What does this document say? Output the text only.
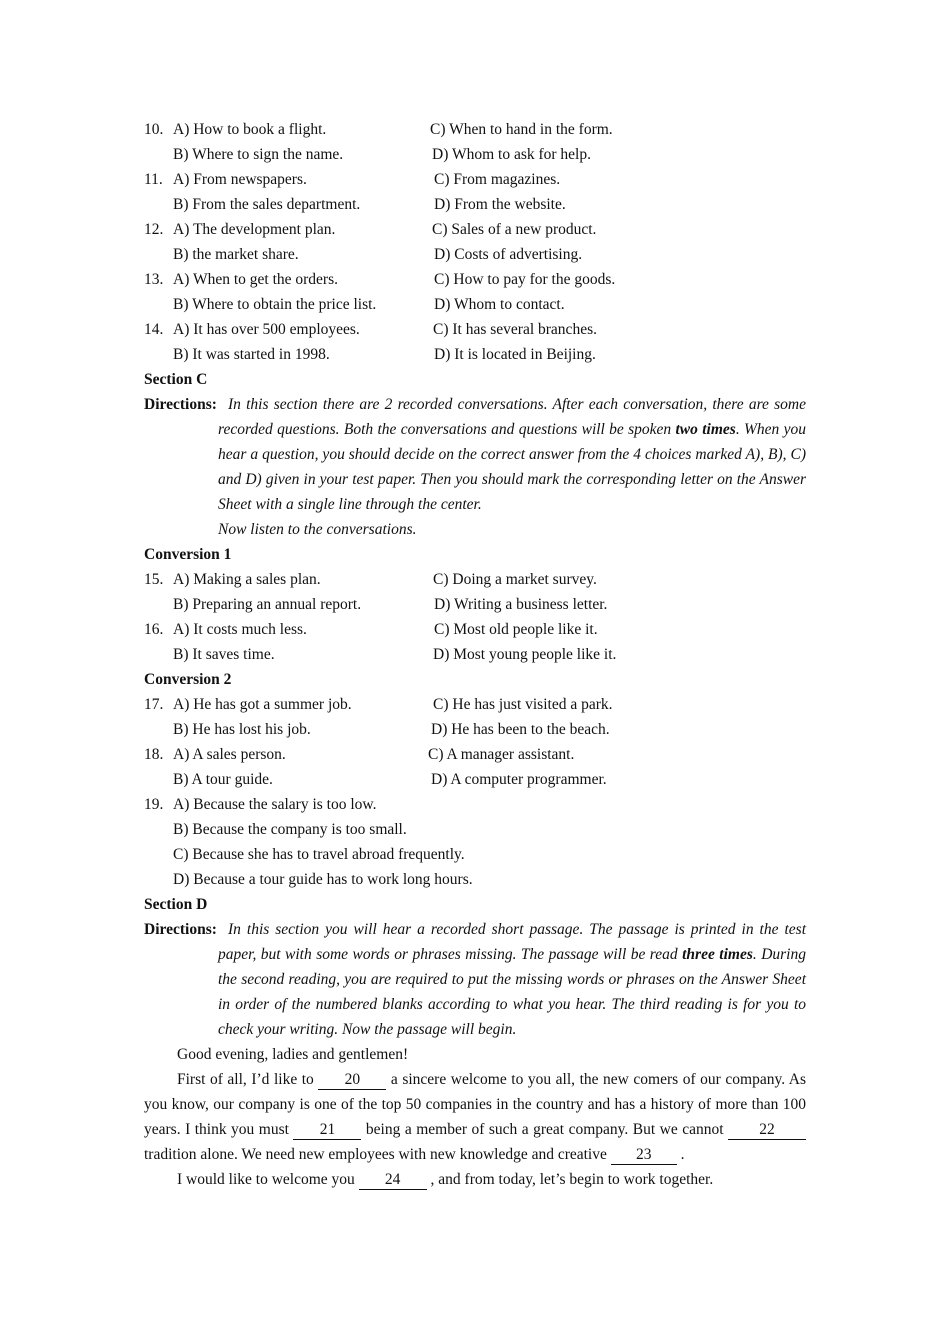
10. A) How to book a flight.	C) When to hand in the form.
B) Where to sign the name.	D) Whom to ask for help.
11. A) From newspapers.	C) From magazines.
B) From the sales department.	D) From the website.
12. A) The development plan.	C) Sales of a new product.
B) the market share.	D) Costs of advertising.
13. A) When to get the orders.	C) How to pay for the goods.
B) Where to obtain the price list.	D) Whom to contact.
14. A) It has over 500 employees.	C) It has several branches.
B) It was started in 1998.	D) It is located in Beijing.
Section C
Directions: In this section there are 2 recorded conversations. After each conversation, there are some recorded questions. Both the conversations and questions will be spoken two times. When you hear a question, you should decide on the correct answer from the 4 choices marked A), B), C) and D) given in your test paper. Then you should mark the corresponding letter on the Answer Sheet with a single line through the center.
Now listen to the conversations.
Conversion 1
15. A) Making a sales plan.	C) Doing a market survey.
B) Preparing an annual report.	D) Writing a business letter.
16. A) It costs much less.	C) Most old people like it.
B) It saves time.	D) Most young people like it.
Conversion 2
17. A) He has got a summer job.	C) He has just visited a park.
B) He has lost his job.	D) He has been to the beach.
18. A) A sales person.	C) A manager assistant.
B) A tour guide.	D) A computer programmer.
19. A) Because the salary is too low.
B) Because the company is too small.
C) Because she has to travel abroad frequently.
D) Because a tour guide has to work long hours.
Section D
Directions: In this section you will hear a recorded short passage. The passage is printed in the test paper, but with some words or phrases missing. The passage will be read three times. During the second reading, you are required to put the missing words or phrases on the Answer Sheet in order of the numbered blanks according to what you hear. The third reading is for you to check your writing. Now the passage will begin.
Good evening, ladies and gentlemen!
First of all, I’d like to 20 a sincere welcome to you all, the new comers of our company. As you know, our company is one of the top 50 companies in the country and has a history of more than 100 years. I think you must 21 being a member of such a great company. But we cannot 22 tradition alone. We need new employees with new knowledge and creative 23 .
I would like to welcome you 24 , and from today, let’s begin to work together.
